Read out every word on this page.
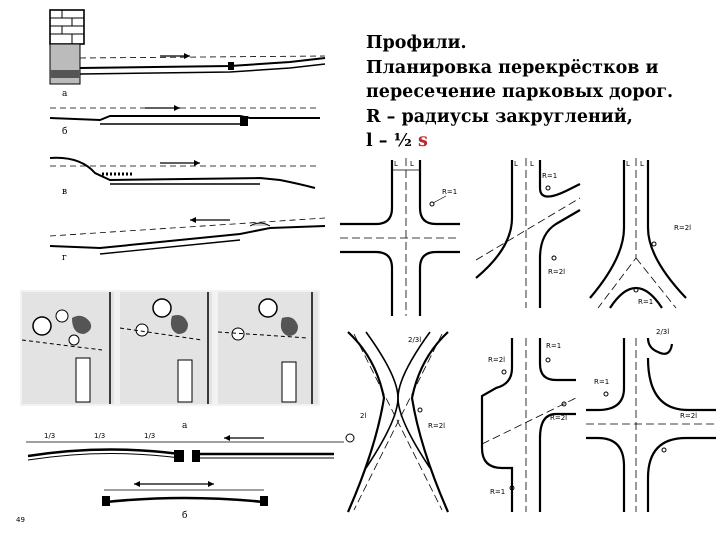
Профили.
Планировка перекрёстков и
пересечение парковых дорог.
R – радиусы закруглений,
l – ½ s
а
б
в
г
1/3	1/3	1/3
а
б
49
L L
R=1
L L
R=1
R=2l
L L
R=2l
R=1
2/3l
2l
R=2l
R=1
R=2l
R=2l
R=1
2/3l
R=1
R=2l
